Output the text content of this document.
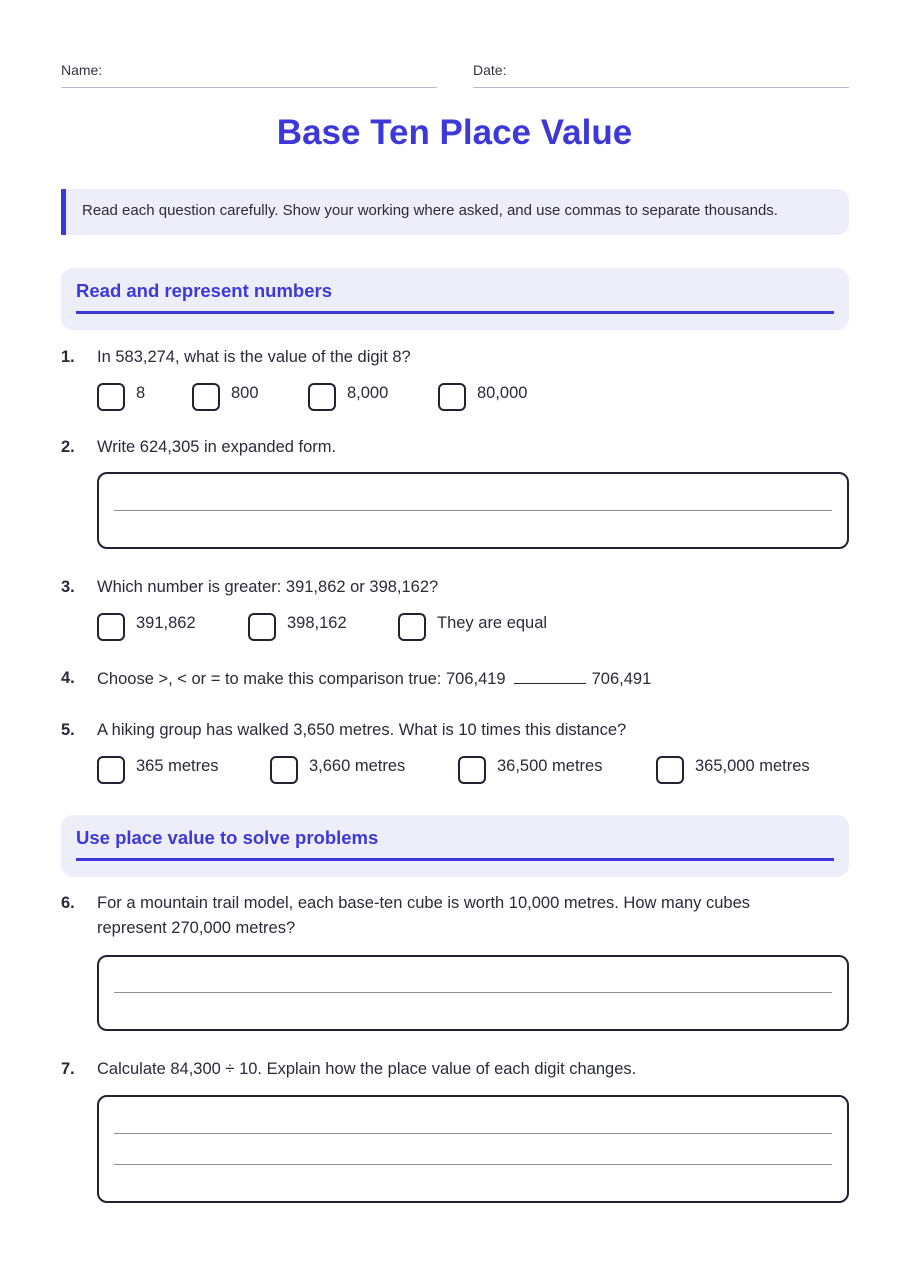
Name:	Date:
Base Ten Place Value
Read each question carefully. Show your working where asked, and use commas to separate thousands.
Read and represent numbers
1. In 583,274, what is the value of the digit 8?
8	800	8,000	80,000
2. Write 624,305 in expanded form.
3. Which number is greater: 391,862 or 398,162?
391,862	398,162	They are equal
4. Choose >, < or = to make this comparison true: 706,419	706,491
5. A hiking group has walked 3,650 metres. What is 10 times this distance?
365 metres	3,660 metres	36,500 metres	365,000 metres
Use place value to solve problems
6. For a mountain trail model, each base-ten cube is worth 10,000 metres. How many cubes represent 270,000 metres?
7. Calculate 84,300 ÷ 10. Explain how the place value of each digit changes.
